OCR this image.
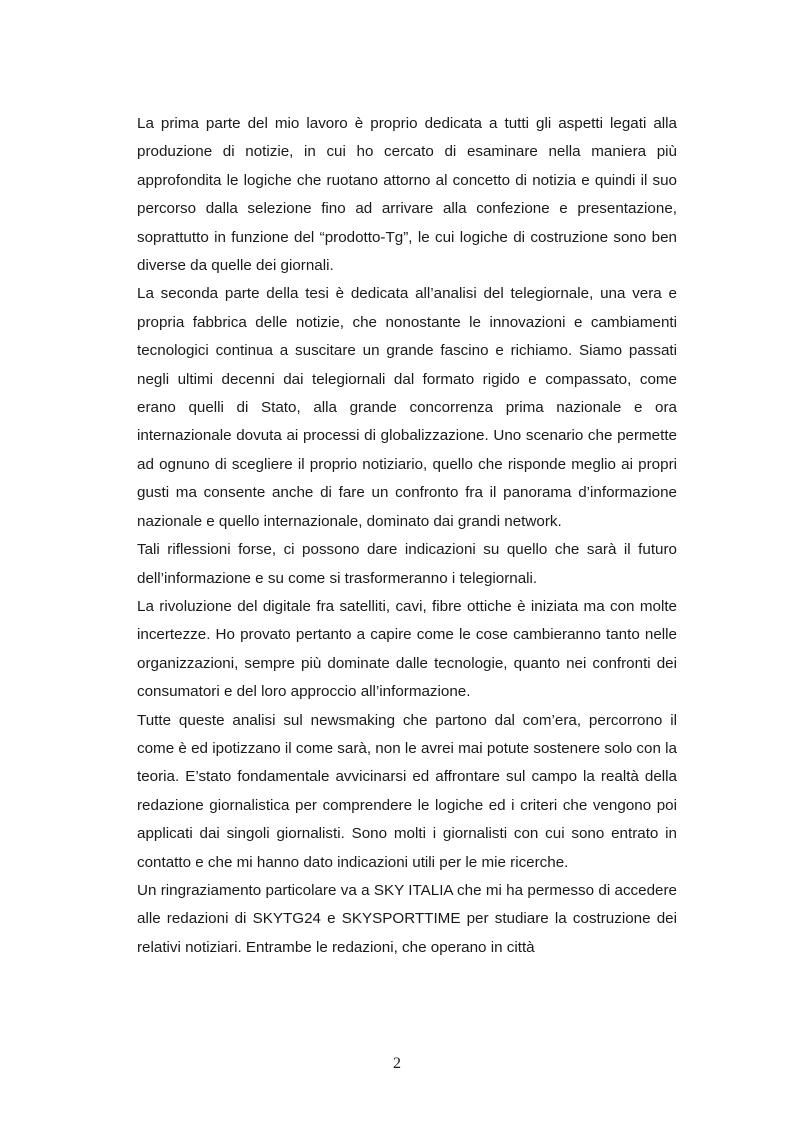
La prima parte del mio lavoro è proprio dedicata a tutti gli aspetti legati alla produzione di notizie, in cui ho cercato di esaminare nella maniera più approfondita le logiche che ruotano attorno al concetto di notizia e quindi il suo percorso dalla selezione fino ad arrivare alla confezione e presentazione, soprattutto in funzione del “prodotto-Tg”, le cui logiche di costruzione sono ben diverse da quelle dei giornali.

La seconda parte della tesi è dedicata all’analisi del telegiornale, una vera e propria fabbrica delle notizie, che nonostante le innovazioni e cambiamenti tecnologici continua a suscitare un grande fascino e richiamo. Siamo passati negli ultimi decenni dai telegiornali dal formato rigido e compassato, come erano quelli di Stato, alla grande concorrenza prima nazionale e ora internazionale dovuta ai processi di globalizzazione. Uno scenario che permette ad ognuno di scegliere il proprio notiziario, quello che risponde meglio ai propri gusti ma consente anche di fare un confronto fra il panorama d’informazione nazionale e quello internazionale, dominato dai grandi network.

Tali riflessioni forse, ci possono dare indicazioni su quello che sarà il futuro dell’informazione e su come si trasformeranno i telegiornali.

La rivoluzione del digitale fra satelliti, cavi, fibre ottiche è iniziata ma con molte incertezze. Ho provato pertanto a capire come le cose cambieranno tanto nelle organizzazioni, sempre più dominate dalle tecnologie, quanto nei confronti dei consumatori e del loro approccio all’informazione.

Tutte queste analisi sul newsmaking che partono dal com’era, percorrono il come è ed ipotizzano il come sarà, non le avrei mai potute sostenere solo con la teoria. E’stato fondamentale avvicinarsi ed affrontare sul campo la realtà della redazione giornalistica per comprendere le logiche ed i criteri che vengono poi applicati dai singoli giornalisti. Sono molti i giornalisti con cui sono entrato in contatto e che mi hanno dato indicazioni utili per le mie ricerche.

Un ringraziamento particolare va a SKY ITALIA che mi ha permesso di accedere alle redazioni di SKYTG24 e SKYSPORTTIME per studiare la costruzione dei relativi notiziari. Entrambe le redazioni, che operano in città

2
